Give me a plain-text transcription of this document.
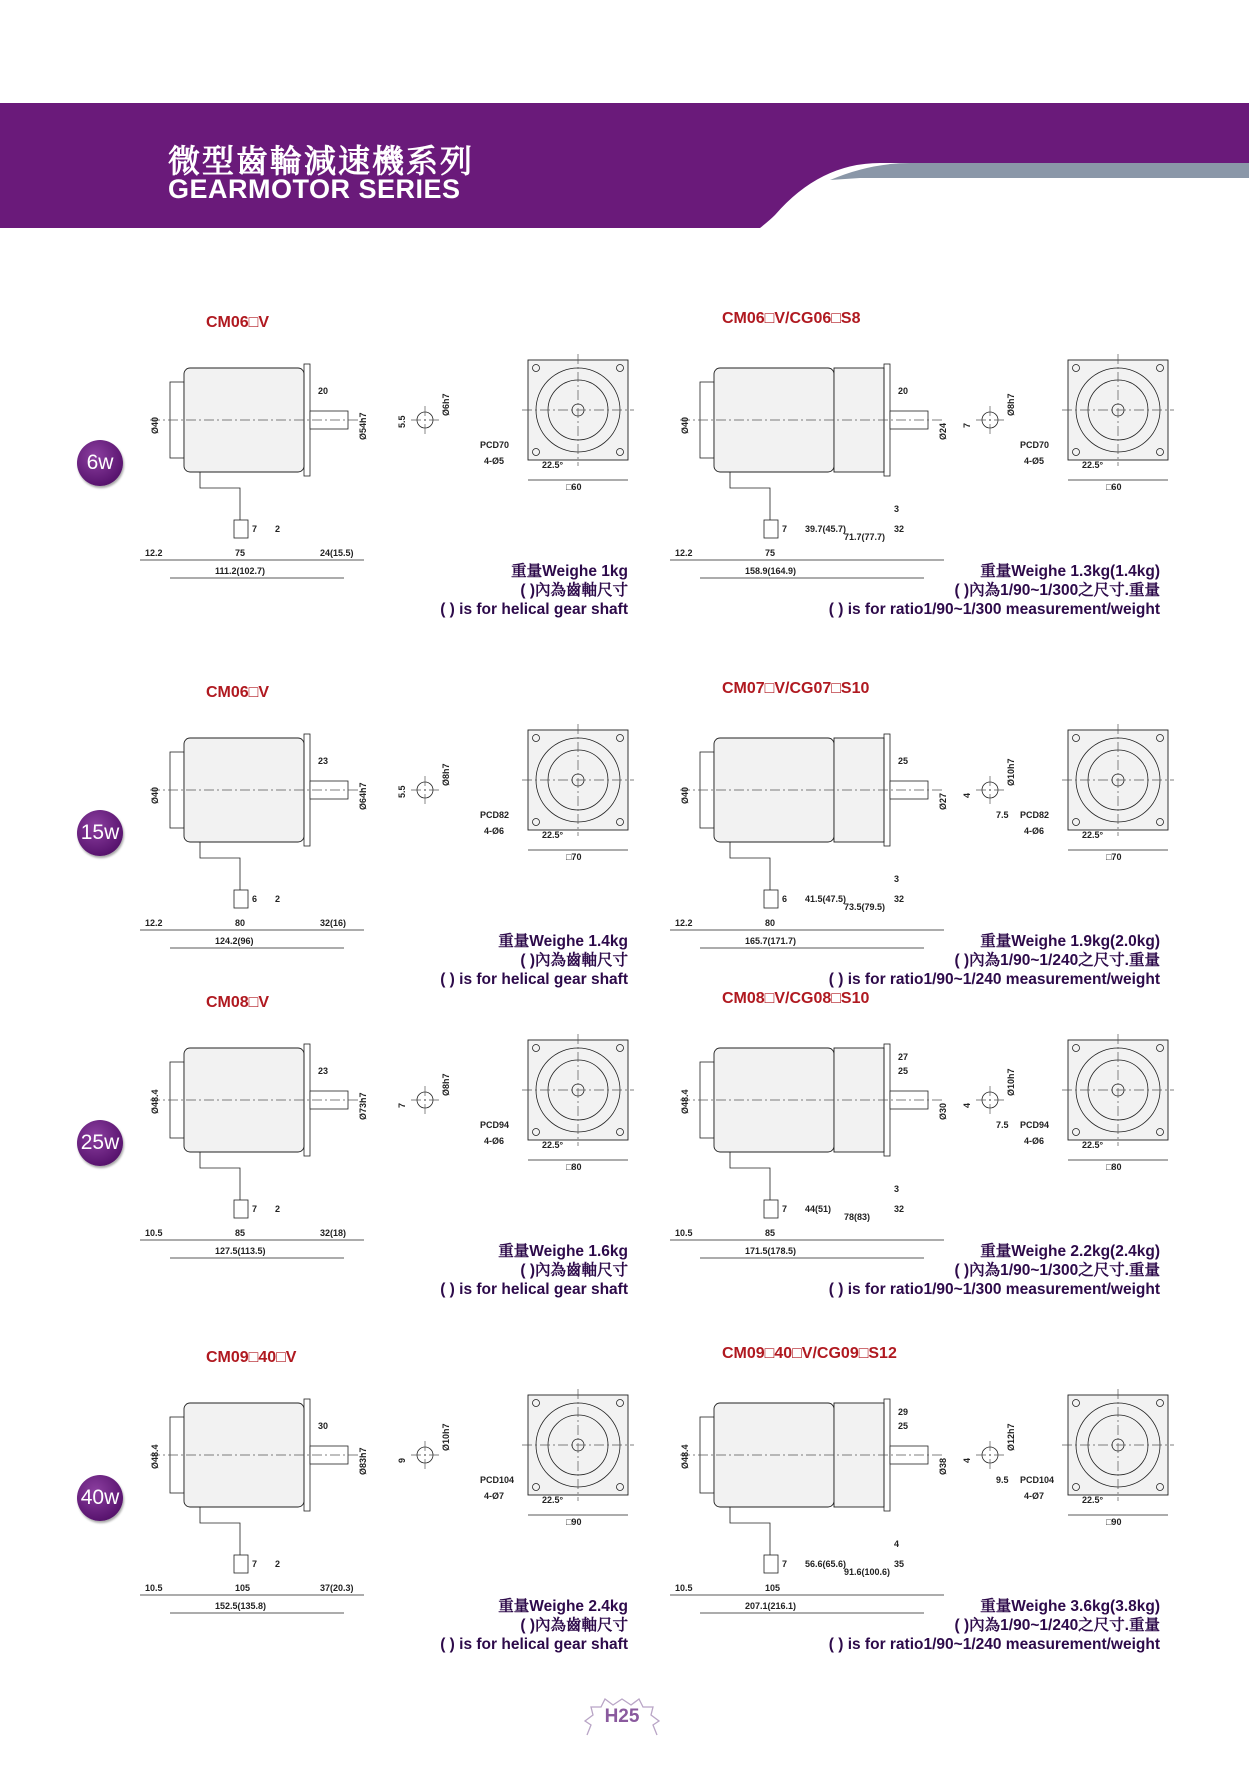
微型齒輪減速機系列
GEARMOTOR SERIES
6w
CM06□V	CM06□V/CG06□S8
12.2	75	24(15.5)
111.2(102.7)
20
Ø40	Ø54h7
7 2
Ø6h7
5.5
PCD70
4-Ø5	22.5°
□60
12.2	75
71.7(77.7)
158.9(164.9)
20
Ø40	Ø24
7 39.7(45.7)	32
3
Ø8h7
7
PCD70
4-Ø5	22.5°
□60
重量Weighe 1kg
( )內為齒軸尺寸
( ) is for helical gear shaft
重量Weighe 1.3kg(1.4kg)
( )內為1/90~1/300之尺寸.重量
( ) is for ratio1/90~1/300 measurement/weight
15w
CM06□V	CM07□V/CG07□S10
12.2	80	32(16)
124.2(96)
23
Ø40	Ø64h7
6 2
Ø8h7
5.5
PCD82
4-Ø6	22.5°
□70
12.2	80
73.5(79.5)
165.7(171.7)
25
Ø40	Ø27
6 41.5(47.5)	32
3
Ø10h7
4
7.5 PCD82
4-Ø6	22.5°
□70
重量Weighe 1.4kg
( )內為齒軸尺寸
( ) is for helical gear shaft
重量Weighe 1.9kg(2.0kg)
( )內為1/90~1/240之尺寸.重量
( ) is for ratio1/90~1/240 measurement/weight
25w
CM08□V	CM08□V/CG08□S10
10.5	85	32(18)
127.5(113.5)
23
Ø48.4	Ø73h7
7 2
Ø8h7
7
PCD94
4-Ø6	22.5°
□80
10.5	85
78(83)
171.5(178.5)
25
27
Ø48.4	Ø30
7 44(51)	32
3
Ø10h7
4
7.5 PCD94
4-Ø6	22.5°
□80
重量Weighe 1.6kg
( )內為齒軸尺寸
( ) is for helical gear shaft
重量Weighe 2.2kg(2.4kg)
( )內為1/90~1/300之尺寸.重量
( ) is for ratio1/90~1/300 measurement/weight
40w
CM09□40□V	CM09□40□V/CG09□S12
10.5	105	37(20.3)
152.5(135.8)
30
Ø48.4	Ø83h7
7 2
Ø10h7
9
PCD104
4-Ø7	22.5°
□90
10.5	105
91.6(100.6)
207.1(216.1)
25
29
Ø48.4	Ø38
7 56.6(65.6)	35
4
Ø12h7
4
9.5 PCD104
4-Ø7	22.5°
□90
重量Weighe 2.4kg
( )內為齒軸尺寸
( ) is for helical gear shaft
重量Weighe 3.6kg(3.8kg)
( )內為1/90~1/240之尺寸.重量
( ) is for ratio1/90~1/240 measurement/weight
H25
